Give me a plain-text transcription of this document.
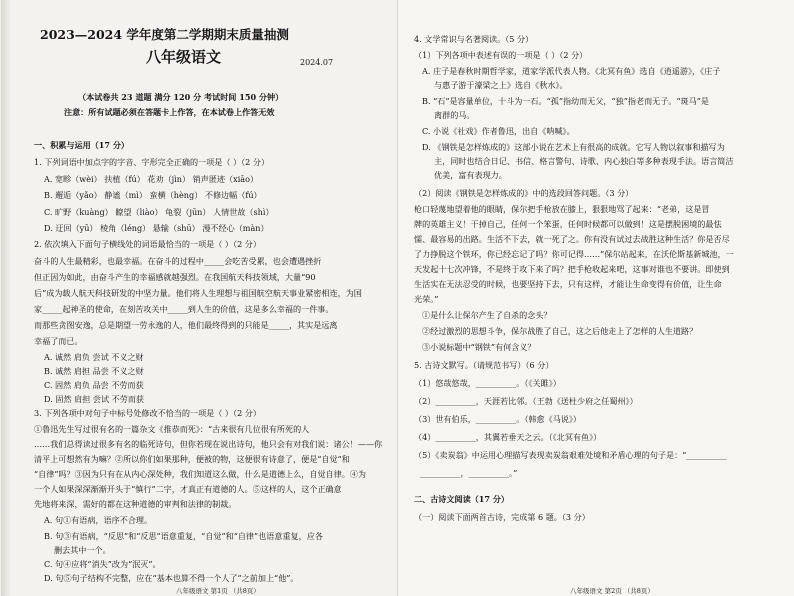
2023—2024 学年度第二学期期末质量抽测
八年级语文	2024.07
（本试卷共 23 道题 满分 120 分 考试时间 150 分钟）
注意：所有试题必须在答题卡上作答，在本试卷上作答无效
一、积累与运用（17 分）
1. 下列词语中加点字的字音、字形完全正确的一项是（ ）（2 分）
A. 宽畛（wèi） 扶植（fú） 花劝（jìn） 销声匿迹（xiāo）
B. 邂逅（yǎo） 静谧（mì） 蛮横（hèng） 不修边幅（fú）
C. 旷野（kuàng） 瞭望（liào） 龟裂（jūn） 人情世故（shì）
D. 迂回（yū） 棱角（léng） 悬输（shū） 漫不经心（màn）
2. 依次填入下面句子横线处的词语最恰当的一项是（ ）（2 分）
奋斗的人生最精彩，也最幸福。在奋斗的过程中_____会吃苦受累，也会遭遇挫折
但正因为如此，由奋斗产生的幸福感就越强烈。在我国航天科技领域，大量“90
后”成为载人航天科技研发的中坚力量。他们将人生理想与祖国航空航天事业紧密相连，为国
家_____起神圣的使命，在刻苦攻关中_____到人生的价值，这是多么幸福的一件事。
而那些贪图安逸，总是期望一劳永逸的人，他们最终得到的只能是_____，其实是远离
幸福了而已。
A. 诚然 肩负 尝试 不义之财
B. 诚然 肩担 品尝 不义之财
C. 固然 肩负 品尝 不劳而获
D. 固然 肩担 尝试 不劳而获
3. 下列各项中对句子中标号处修改不恰当的一项是（ ）（2 分）
①鲁迅先生写过很有名的一篇杂文《推恭而死》：“古来很有几位很有所死的人
……我们总得读过很多有名的临死诗句，但你若现在说出诗句，他只会有对我们说：诸公！——你
清平上可想然有为嘛？②所以你们如果那种，便被的物，这便很有诗意了，便是“自觉”和
“自律”吗？③因为只有在从内心深处种，我们知道这么做，什么是道德上么，自觉自律。④为
一个人如果深深渐渐开头于“慎行”二字，才真正有道德的人。⑤这样的人，这个正确意
先地将来深，需好的都在这种道德的审判和法律的制裁。
A. 句①有语病，语序不合理。
B. 句③有语病，“反思”和“反思”语意重复，“自觉”和“自律”也语意重复，应各
删去其中一个。
C. 句④应将“消失”改为“泯灭”。
D. 句⑤句子结构不完整，应在“基本也算不得一个人了”之前加上“他”。
八年级语文 第1页 （共8页）
4. 文学常识与名著阅读。（5 分）
（1）下列各项中表述有误的一项是（ ）（2 分）
A. 庄子是春秋时期哲学家，道家学派代表人物。《北冥有鱼》选自《逍遥游》，《庄子
与惠子游于濠梁之上》选自《秋水》。
B. “石”是容量单位，十斗为一石。“孤”指幼而无父，“独”指老而无子。“斑马”是
离群的马。
C. 小说《社戏》作者鲁迅，出自《呐喊》。
D. 《钢铁是怎样炼成的》这部小说在艺术上有很高的成就。它写人物以叙事和描写为
主，同时也结合日记、书信、格言警句、诗歌、内心独白等多种表现手法。语言简洁
优美，富有表现力。
（2）阅读《钢铁是怎样炼成的》中的选段回答问题。（3 分）
枪口轻蔑地望着他的眼睛，保尔把手枪放在膝上，狠狠地骂了起来：“老弟，这是冒
牌的英雄主义！干掉自己，任何一个笨蛋，任何时候都可以做到！这是摆脱困境的最怯
懦、最容易的出路。生活不下去，就一死了之。你有没有试过去战胜这种生活？你是否尽
了力挣脱这个铁环，你已经忘记了吗？你可记得……”保尔站起来，在沃伦斯基新城池，一
天发起十七次冲锋，不是终于攻下来了吗？把手枪收起来吧，这事对谁也不要讲。即使到
生活实在无法忍受的时候，也要坚持下去，只有这样，才能让生命变得有价值，让生命
光荣。”
①是什么让保尔产生了自杀的念头？
②经过激烈的思想斗争，保尔战胜了自己，这之后他走上了怎样的人生道路？
③小说标题中“钢铁”有何含义？
5. 古诗文默写。（请规范书写）（6 分）
（1）悠哉悠哉，__________。（《关雎》）
（2）__________，天涯若比邻。（王勃《送杜少府之任蜀州》）
（3）世有伯乐，__________。（韩愈《马说》）
（4）__________，其翼若垂天之云。（《北冥有鱼》）
（5）《卖炭翁》中运用心理描写表现卖炭翁艰难处境和矛盾心理的句子是：“__________
__________，__________。”
二、古诗文阅读（17 分）
（一）阅读下面两首古诗，完成第 6 题。（3 分）
八年级语文 第2页 （共8页）
